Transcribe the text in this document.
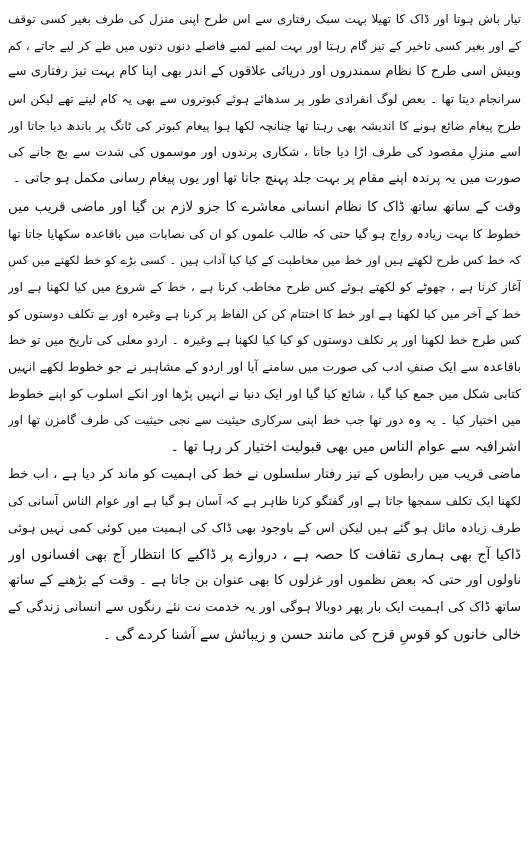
تیار باش ہوتا اور ڈاک کا تھیلا بہت سبک رفتاری سے اس طرح اپنی منزل کی طرف بغیر کسی توقف
کے اور بغیر کسی تاخیر کے تیز گام رہتا اور بہت لمبے لمبے فاصلے دنوں دنوں میں طے کر لیے جاتے ، کم
وبیش اسی طرح کا نظام سمندروں اور دریائی علاقوں کے اندر بھی اپنا کام بہت تیز رفتاری سے
سرانجام دیتا تھا ۔ بعض لوگ انفرادی طور پر سدھائے ہوئے کبوتروں سے بھی یہ کام لیتے تھے لیکن اس
طرح پیغام ضائع ہونے کا اندیشہ بھی رہتا تھا چنانچہ لکھا ہوا پیغام کبوتر کی ٹانگ پر باندھ دیا جاتا اور
اسے منزلِ مقصود کی طرف اڑا دیا جاتا ، شکاری پرندوں اور موسموں کی شدت سے بچ جانے کی
صورت میں یہ پرندہ اپنے مقام پر بہت جلد پہنچ جاتا تھا اور یوں پیغام رسانی مکمل ہو جاتی ۔
وقت کے ساتھ ساتھ ڈاک کا نظام انسانی معاشرے کا جزو لازم بن گیا اور ماضی قریب میں
خطوط کا بہت زیادہ رواج ہو گیا حتی کہ طالب علموں کو ان کی نصابات میں باقاعدہ سکھایا جاتا تھا
کہ خط کس طرح لکھتے ہیں اور خط میں مخاطبت کے کیا کیا آداب ہیں ۔ کسی بڑے کو خط لکھتے میں کس
آغاز کرنا ہے ، چھوٹے کو لکھتے ہوئے کس طرح مخاطب کرنا ہے ، خط کے شروع میں کیا لکھنا ہے اور
خط کے آخر میں کیا لکھنا ہے اور خط کا اختتام کن کن الفاظ پر کرنا ہے وغیرہ اور بے تکلف دوستوں کو
کس طرح خط لکھنا اور پر تکلف دوستوں کو کیا کیا لکھنا ہے وغیرہ ۔ اردو معلی کی تاریخ میں تو خط
باقاعدہ سے ایک صنفِ ادب کی صورت میں سامنے آیا اور اردو کے مشاہیر نے جو خطوط لکھے انہیں
کتابی شکل میں جمع کیا گیا ، شائع کیا گیا اور ایک دنیا نے انہیں پڑھا اور انکے اسلوب کو اپنے خطوط
میں اختیار کیا ۔ یہ وہ دور تھا جب خط اپنی سرکاری حیثیت سے نجی حیثیت کی طرف گامزن تھا اور
اشرافیہ سے عوام الناس میں بھی قبولیت اختیار کر رہا تھا ۔
ماضی قریب میں رابطوں کے تیز رفتار سلسلوں نے خط کی اہمیت کو ماند کر دیا ہے ، اب خط
لکھنا ایک تکلف سمجھا جاتا ہے اور گفتگو کرنا ظاہر ہے کہ آسان ہو گیا ہے اور عوام الناس آسانی کی
طرف زیادہ مائل ہو گئے ہیں لیکن اس کے باوجود بھی ڈاک کی اہمیت میں کوئی کمی نہیں ہوئی
ڈاکیا آج بھی ہماری ثقافت کا حصہ ہے ، دروازے پر ڈاکیے کا انتظار آج بھی افسانوں اور
ناولوں اور حتی کہ بعض نظموں اور غزلوں کا بھی عنوان بن جاتا ہے ۔ وقت کے بڑھنے کے ساتھ
ساتھ ڈاک کی اہمیت ایک بار پھر دوبالا ہوگی اور یہ خدمت نت نئے رنگوں سے انسانی زندگی کے
خالی خانوں کو قوسِ قزح کی مانند حسن و زیبائش سے آشنا کردے گی ۔
